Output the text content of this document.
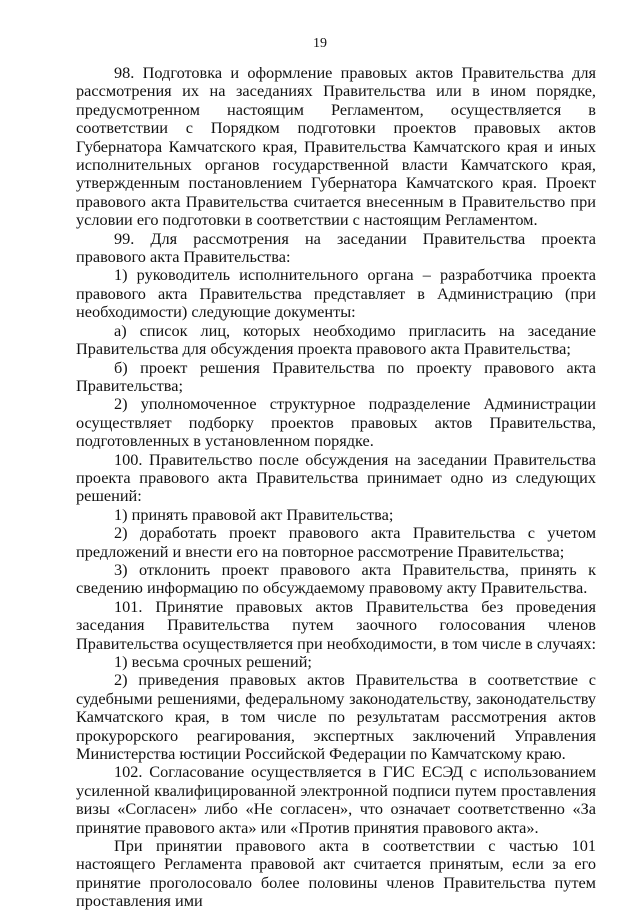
19

98. Подготовка и оформление правовых актов Правительства для рассмотрения их на заседаниях Правительства или в ином порядке, предусмотренном настоящим Регламентом, осуществляется в соответствии с Порядком подготовки проектов правовых актов Губернатора Камчатского края, Правительства Камчатского края и иных исполнительных органов государственной власти Камчатского края, утвержденным постановлением Губернатора Камчатского края. Проект правового акта Правительства считается внесенным в Правительство при условии его подготовки в соответствии с настоящим Регламентом.

99. Для рассмотрения на заседании Правительства проекта правового акта Правительства:

1) руководитель исполнительного органа – разработчика проекта правового акта Правительства представляет в Администрацию (при необходимости) следующие документы:

а) список лиц, которых необходимо пригласить на заседание Правительства для обсуждения проекта правового акта Правительства;

б) проект решения Правительства по проекту правового акта Правительства;

2) уполномоченное структурное подразделение Администрации осуществляет подборку проектов правовых актов Правительства, подготовленных в установленном порядке.

100. Правительство после обсуждения на заседании Правительства проекта правового акта Правительства принимает одно из следующих решений:

1) принять правовой акт Правительства;

2) доработать проект правового акта Правительства с учетом предложений и внести его на повторное рассмотрение Правительства;

3) отклонить проект правового акта Правительства, принять к сведению информацию по обсуждаемому правовому акту Правительства.

101. Принятие правовых актов Правительства без проведения заседания Правительства путем заочного голосования членов Правительства осуществляется при необходимости, в том числе в случаях:

1) весьма срочных решений;

2) приведения правовых актов Правительства в соответствие с судебными решениями, федеральному законодательству, законодательству Камчатского края, в том числе по результатам рассмотрения актов прокурорского реагирования, экспертных заключений Управления Министерства юстиции Российской Федерации по Камчатскому краю.

102. Согласование осуществляется в ГИС ЕСЭД с использованием усиленной квалифицированной электронной подписи путем проставления визы «Согласен» либо «Не согласен», что означает соответственно «За принятие правового акта» или «Против принятия правового акта».

При принятии правового акта в соответствии с частью 101 настоящего Регламента правовой акт считается принятым, если за его принятие проголосовало более половины членов Правительства путем проставления ими
